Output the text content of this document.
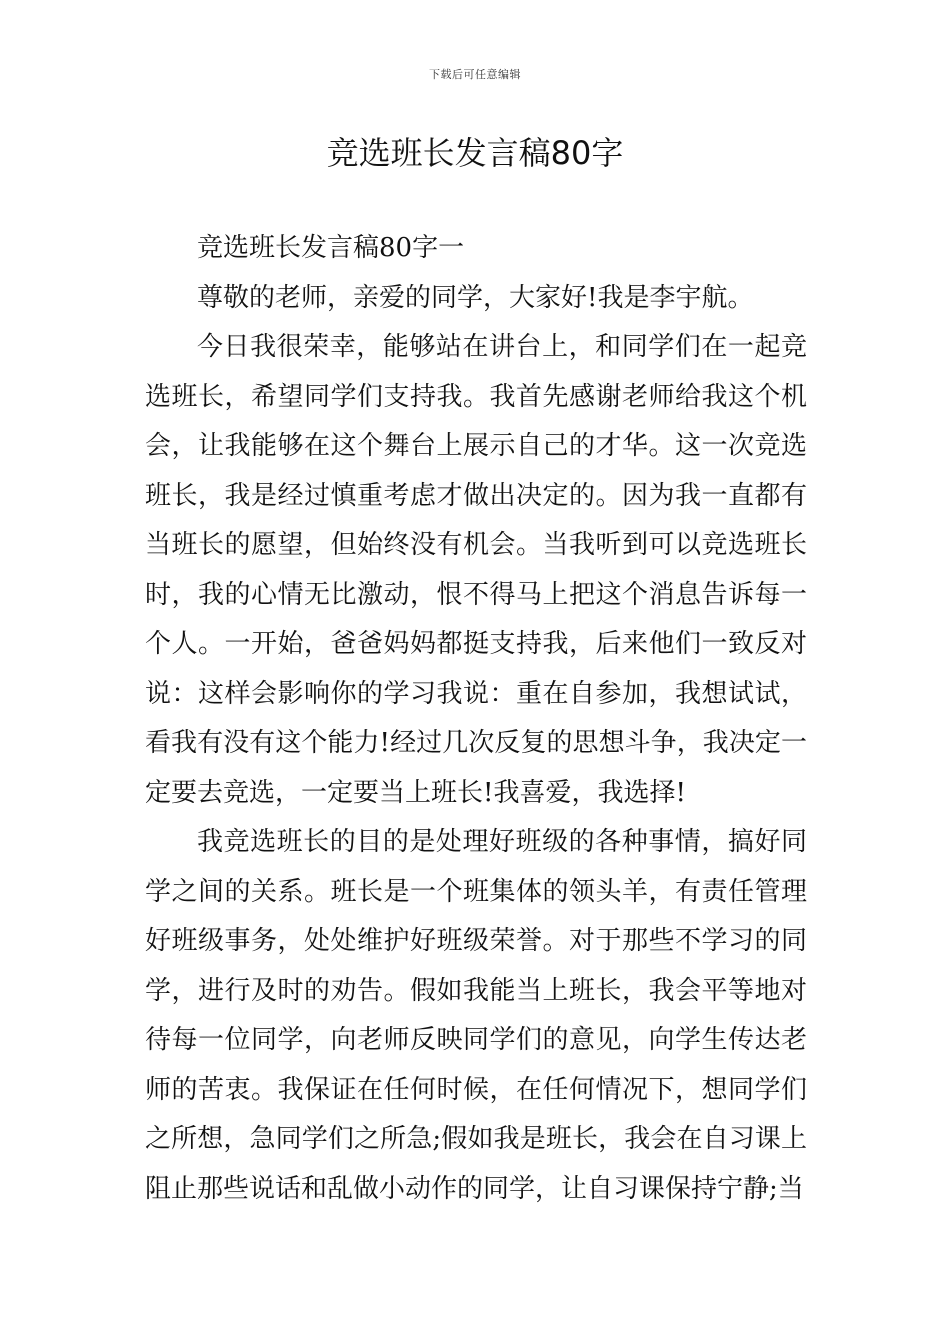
下载后可任意编辑
竞选班长发言稿80字

竞选班长发言稿80字一

尊敬的老师，亲爱的同学，大家好!我是李宇航。

今日我很荣幸，能够站在讲台上，和同学们在一起竞选班长，希望同学们支持我。我首先感谢老师给我这个机会，让我能够在这个舞台上展示自己的才华。这一次竞选班长，我是经过慎重考虑才做出决定的。因为我一直都有当班长的愿望，但始终没有机会。当我听到可以竞选班长时，我的心情无比激动，恨不得马上把这个消息告诉每一个人。一开始，爸爸妈妈都挺支持我，后来他们一致反对说：这样会影响你的学习我说：重在自参加，我想试试，看我有没有这个能力!经过几次反复的思想斗争，我决定一定要去竞选，一定要当上班长!我喜爱，我选择!

我竞选班长的目的是处理好班级的各种事情，搞好同学之间的关系。班长是一个班集体的领头羊，有责任管理好班级事务，处处维护好班级荣誉。对于那些不学习的同学，进行及时的劝告。假如我能当上班长，我会平等地对待每一位同学，向老师反映同学们的意见，向学生传达老师的苦衷。我保证在任何时候，在任何情况下，想同学们之所想，急同学们之所急;假如我是班长，我会在自习课上阻止那些说话和乱做小动作的同学，让自习课保持宁静;当
